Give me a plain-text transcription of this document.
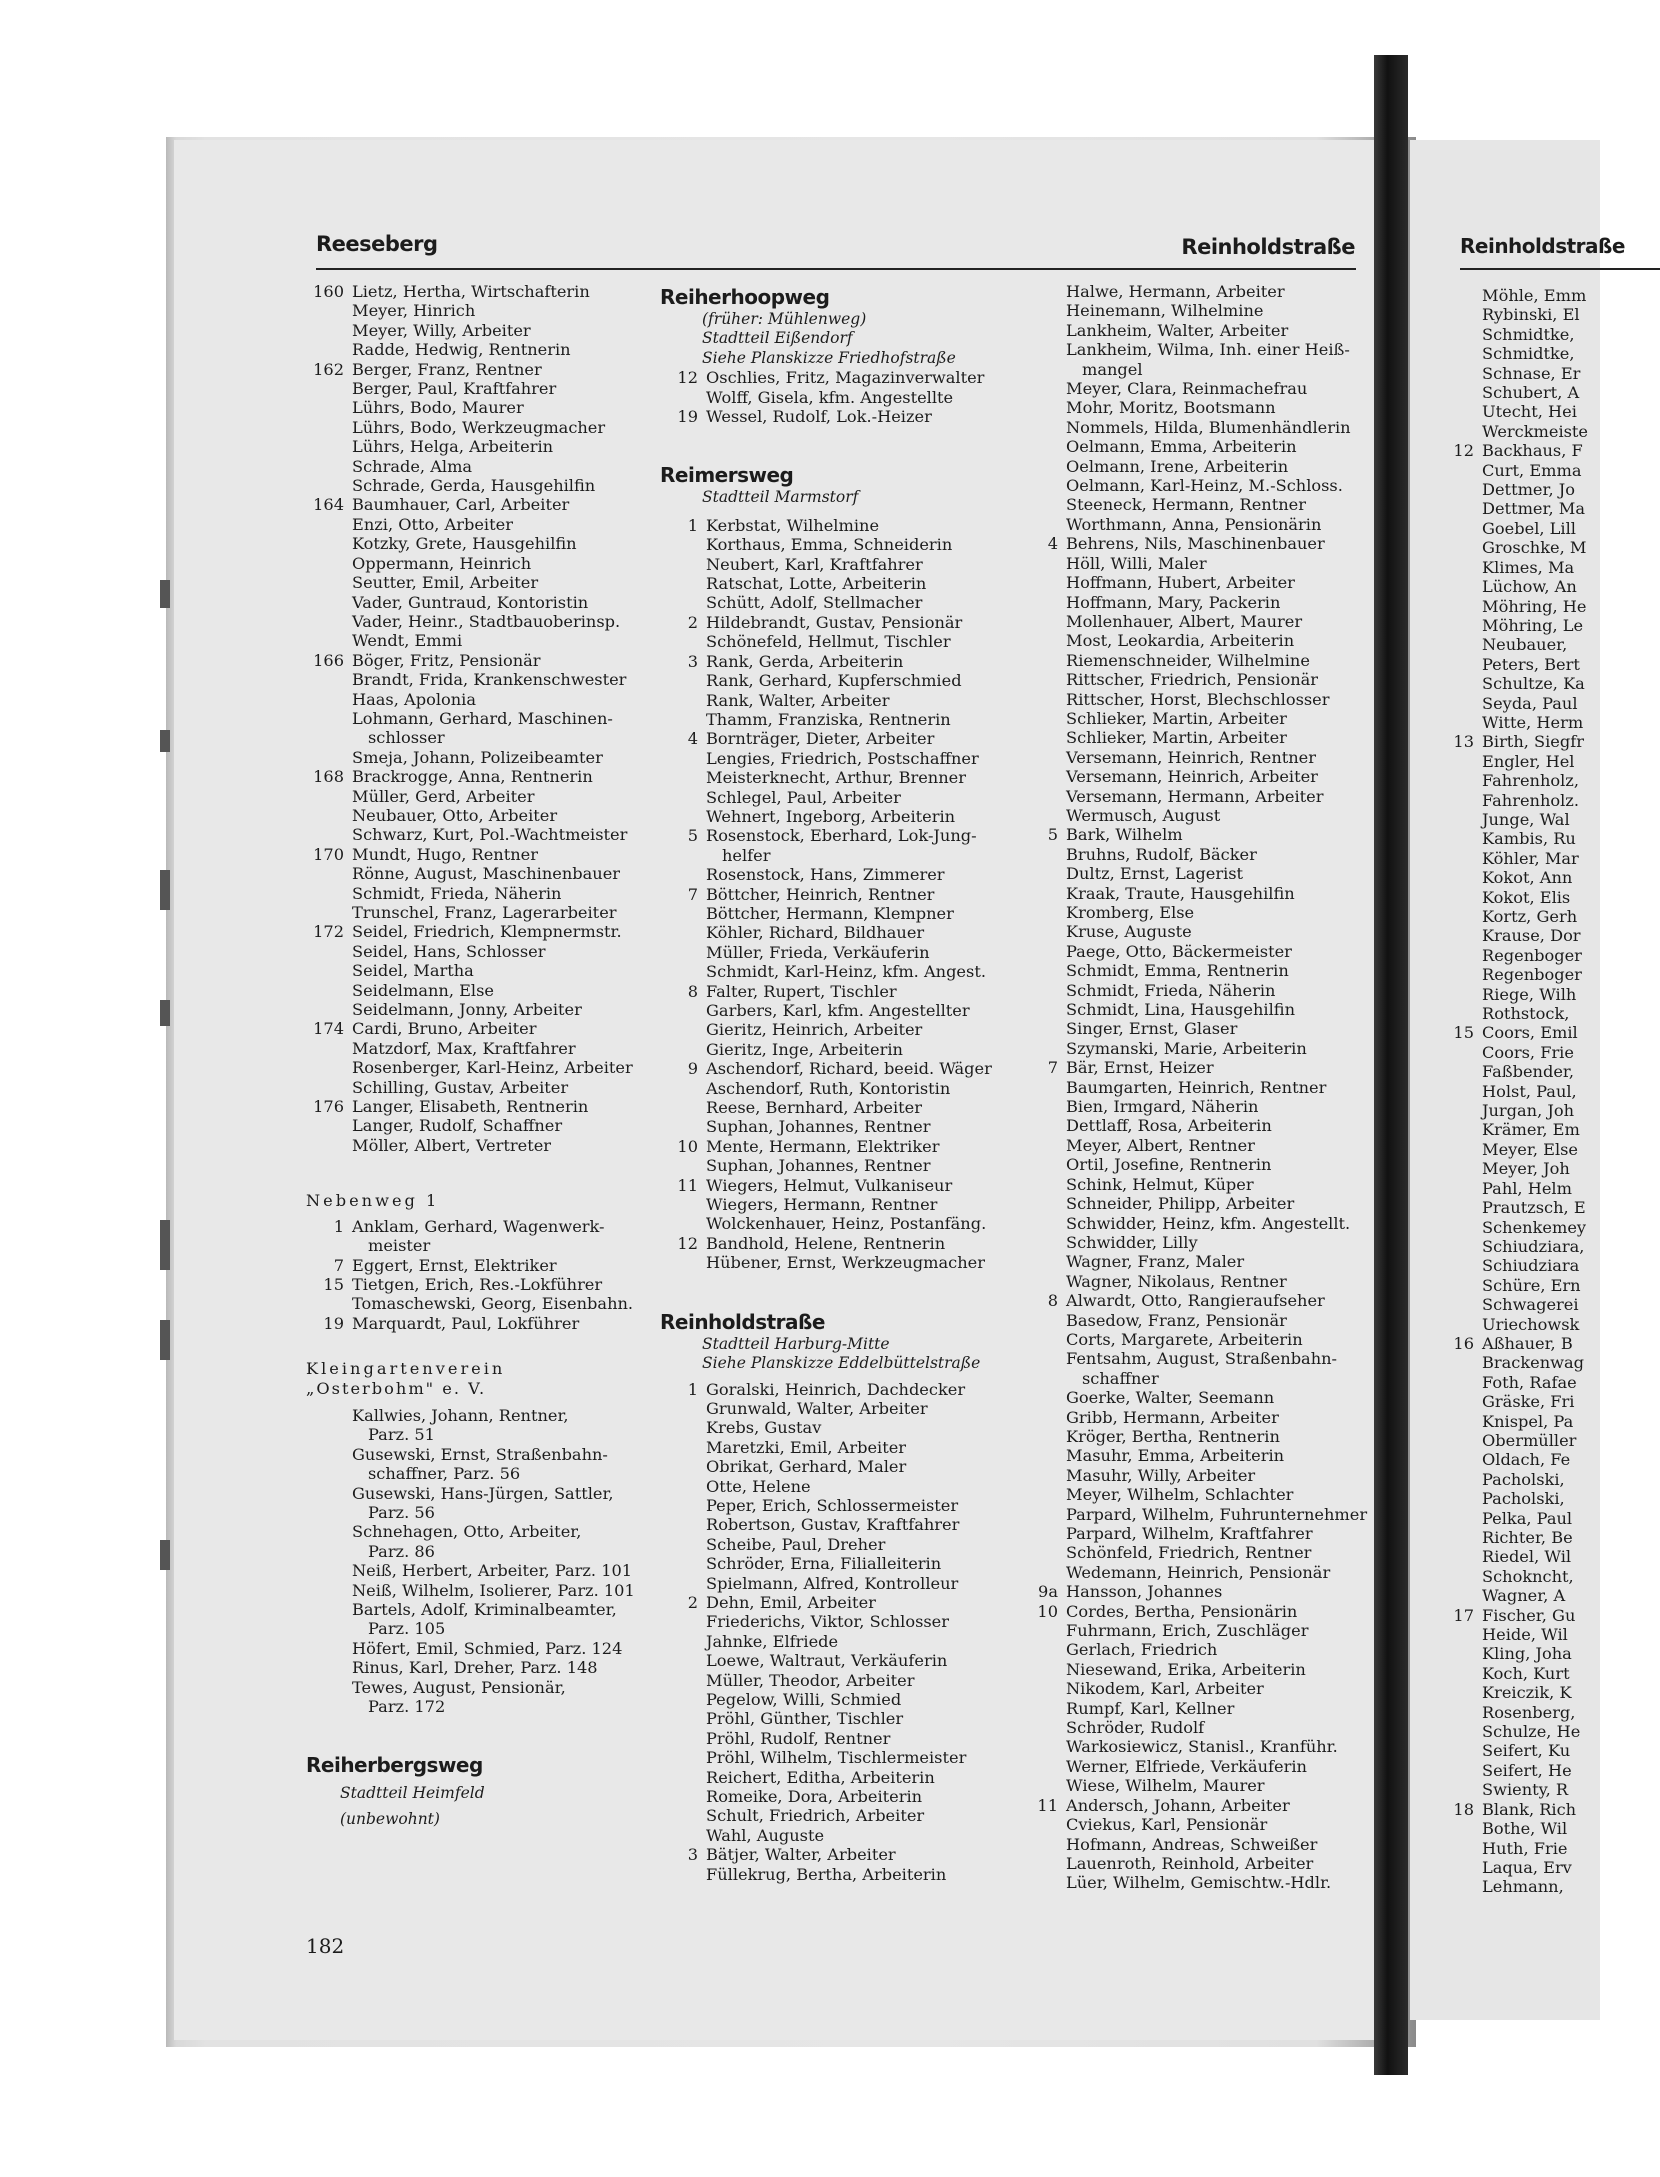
Reinholdstraße
Reeseberg	Reinholdstraße
160 Lietz, Hertha, Wirtschafterin
Meyer, Hinrich
Meyer, Willy, Arbeiter
Radde, Hedwig, Rentnerin
162 Berger, Franz, Rentner
Berger, Paul, Kraftfahrer
Lührs, Bodo, Maurer
Lührs, Bodo, Werkzeugmacher
Lührs, Helga, Arbeiterin
Schrade, Alma
Schrade, Gerda, Hausgehilfin
164 Baumhauer, Carl, Arbeiter
Enzi, Otto, Arbeiter
Kotzky, Grete, Hausgehilfin
Oppermann, Heinrich
Seutter, Emil, Arbeiter
Vader, Guntraud, Kontoristin
Vader, Heinr., Stadtbauoberinsp.
Wendt, Emmi
166 Böger, Fritz, Pensionär
Brandt, Frida, Krankenschwester
Haas, Apolonia
Lohmann, Gerhard, Maschinen-
schlosser
Smeja, Johann, Polizeibeamter
168 Brackrogge, Anna, Rentnerin
Müller, Gerd, Arbeiter
Neubauer, Otto, Arbeiter
Schwarz, Kurt, Pol.-Wachtmeister
170 Mundt, Hugo, Rentner
Rönne, August, Maschinenbauer
Schmidt, Frieda, Näherin
Trunschel, Franz, Lagerarbeiter
172 Seidel, Friedrich, Klempnermstr.
Seidel, Hans, Schlosser
Seidel, Martha
Seidelmann, Else
Seidelmann, Jonny, Arbeiter
174 Cardi, Bruno, Arbeiter
Matzdorf, Max, Kraftfahrer
Rosenberger, Karl-Heinz, Arbeiter
Schilling, Gustav, Arbeiter
176 Langer, Elisabeth, Rentnerin
Langer, Rudolf, Schaffner
Möller, Albert, Vertreter
Nebenweg 1
1 Anklam, Gerhard, Wagenwerk-
meister
7 Eggert, Ernst, Elektriker
15 Tietgen, Erich, Res.-Lokführer
Tomaschewski, Georg, Eisenbahn.
19 Marquardt, Paul, Lokführer
Kleingartenverein
„Osterbohm" e. V.
Kallwies, Johann, Rentner,
Parz. 51
Gusewski, Ernst, Straßenbahn-
schaffner, Parz. 56
Gusewski, Hans-Jürgen, Sattler,
Parz. 56
Schnehagen, Otto, Arbeiter,
Parz. 86
Neiß, Herbert, Arbeiter, Parz. 101
Neiß, Wilhelm, Isolierer, Parz. 101
Bartels, Adolf, Kriminalbeamter,
Parz. 105
Höfert, Emil, Schmied, Parz. 124
Rinus, Karl, Dreher, Parz. 148
Tewes, August, Pensionär,
Parz. 172
Reiherbergsweg
Stadtteil Heimfeld
(unbewohnt)
Reiherhoopweg
(früher: Mühlenweg)
Stadtteil Eißendorf
Siehe Planskizze Friedhofstraße
12 Oschlies, Fritz, Magazinverwalter
Wolff, Gisela, kfm. Angestellte
19 Wessel, Rudolf, Lok.-Heizer
Reimersweg
Stadtteil Marmstorf
1 Kerbstat, Wilhelmine
Korthaus, Emma, Schneiderin
Neubert, Karl, Kraftfahrer
Ratschat, Lotte, Arbeiterin
Schütt, Adolf, Stellmacher
2 Hildebrandt, Gustav, Pensionär
Schönefeld, Hellmut, Tischler
3 Rank, Gerda, Arbeiterin
Rank, Gerhard, Kupferschmied
Rank, Walter, Arbeiter
Thamm, Franziska, Rentnerin
4 Bornträger, Dieter, Arbeiter
Lengies, Friedrich, Postschaffner
Meisterknecht, Arthur, Brenner
Schlegel, Paul, Arbeiter
Wehnert, Ingeborg, Arbeiterin
5 Rosenstock, Eberhard, Lok-Jung-
helfer
Rosenstock, Hans, Zimmerer
7 Böttcher, Heinrich, Rentner
Böttcher, Hermann, Klempner
Köhler, Richard, Bildhauer
Müller, Frieda, Verkäuferin
Schmidt, Karl-Heinz, kfm. Angest.
8 Falter, Rupert, Tischler
Garbers, Karl, kfm. Angestellter
Gieritz, Heinrich, Arbeiter
Gieritz, Inge, Arbeiterin
9 Aschendorf, Richard, beeid. Wäger
Aschendorf, Ruth, Kontoristin
Reese, Bernhard, Arbeiter
Suphan, Johannes, Rentner
10 Mente, Hermann, Elektriker
Suphan, Johannes, Rentner
11 Wiegers, Helmut, Vulkaniseur
Wiegers, Hermann, Rentner
Wolckenhauer, Heinz, Postanfäng.
12 Bandhold, Helene, Rentnerin
Hübener, Ernst, Werkzeugmacher
Reinholdstraße
Stadtteil Harburg-Mitte
Siehe Planskizze Eddelbüttelstraße
1 Goralski, Heinrich, Dachdecker
Grunwald, Walter, Arbeiter
Krebs, Gustav
Maretzki, Emil, Arbeiter
Obrikat, Gerhard, Maler
Otte, Helene
Peper, Erich, Schlossermeister
Robertson, Gustav, Kraftfahrer
Scheibe, Paul, Dreher
Schröder, Erna, Filialleiterin
Spielmann, Alfred, Kontrolleur
2 Dehn, Emil, Arbeiter
Friederichs, Viktor, Schlosser
Jahnke, Elfriede
Loewe, Waltraut, Verkäuferin
Müller, Theodor, Arbeiter
Pegelow, Willi, Schmied
Pröhl, Günther, Tischler
Pröhl, Rudolf, Rentner
Pröhl, Wilhelm, Tischlermeister
Reichert, Editha, Arbeiterin
Romeike, Dora, Arbeiterin
Schult, Friedrich, Arbeiter
Wahl, Auguste
3 Bätjer, Walter, Arbeiter
Füllekrug, Bertha, Arbeiterin
Halwe, Hermann, Arbeiter
Heinemann, Wilhelmine
Lankheim, Walter, Arbeiter
Lankheim, Wilma, Inh. einer Heiß-
mangel
Meyer, Clara, Reinmachefrau
Mohr, Moritz, Bootsmann
Nommels, Hilda, Blumenhändlerin
Oelmann, Emma, Arbeiterin
Oelmann, Irene, Arbeiterin
Oelmann, Karl-Heinz, M.-Schloss.
Steeneck, Hermann, Rentner
Worthmann, Anna, Pensionärin
4 Behrens, Nils, Maschinenbauer
Höll, Willi, Maler
Hoffmann, Hubert, Arbeiter
Hoffmann, Mary, Packerin
Mollenhauer, Albert, Maurer
Most, Leokardia, Arbeiterin
Riemenschneider, Wilhelmine
Rittscher, Friedrich, Pensionär
Rittscher, Horst, Blechschlosser
Schlieker, Martin, Arbeiter
Schlieker, Martin, Arbeiter
Versemann, Heinrich, Rentner
Versemann, Heinrich, Arbeiter
Versemann, Hermann, Arbeiter
Wermusch, August
5 Bark, Wilhelm
Bruhns, Rudolf, Bäcker
Dultz, Ernst, Lagerist
Kraak, Traute, Hausgehilfin
Kromberg, Else
Kruse, Auguste
Paege, Otto, Bäckermeister
Schmidt, Emma, Rentnerin
Schmidt, Frieda, Näherin
Schmidt, Lina, Hausgehilfin
Singer, Ernst, Glaser
Szymanski, Marie, Arbeiterin
7 Bär, Ernst, Heizer
Baumgarten, Heinrich, Rentner
Bien, Irmgard, Näherin
Dettlaff, Rosa, Arbeiterin
Meyer, Albert, Rentner
Ortil, Josefine, Rentnerin
Schink, Helmut, Küper
Schneider, Philipp, Arbeiter
Schwidder, Heinz, kfm. Angestellt.
Schwidder, Lilly
Wagner, Franz, Maler
Wagner, Nikolaus, Rentner
8 Alwardt, Otto, Rangieraufseher
Basedow, Franz, Pensionär
Corts, Margarete, Arbeiterin
Fentsahm, August, Straßenbahn-
schaffner
Goerke, Walter, Seemann
Gribb, Hermann, Arbeiter
Kröger, Bertha, Rentnerin
Masuhr, Emma, Arbeiterin
Masuhr, Willy, Arbeiter
Meyer, Wilhelm, Schlachter
Parpard, Wilhelm, Fuhrunternehmer
Parpard, Wilhelm, Kraftfahrer
Schönfeld, Friedrich, Rentner
Wedemann, Heinrich, Pensionär
9a Hansson, Johannes
10 Cordes, Bertha, Pensionärin
Fuhrmann, Erich, Zuschläger
Gerlach, Friedrich
Niesewand, Erika, Arbeiterin
Nikodem, Karl, Arbeiter
Rumpf, Karl, Kellner
Schröder, Rudolf
Warkosiewicz, Stanisl., Kranführ.
Werner, Elfriede, Verkäuferin
Wiese, Wilhelm, Maurer
11 Andersch, Johann, Arbeiter
Cviekus, Karl, Pensionär
Hofmann, Andreas, Schweißer
Lauenroth, Reinhold, Arbeiter
Lüer, Wilhelm, Gemischtw.-Hdlr.
Möhle, Emm
Rybinski, El
Schmidtke,
Schmidtke,
Schnase, Er
Schubert, A
Utecht, Hei
Werckmeiste
12 Backhaus, F
Curt, Emma
Dettmer, Jo
Dettmer, Ma
Goebel, Lill
Groschke, M
Klimes, Ma
Lüchow, An
Möhring, He
Möhring, Le
Neubauer,
Peters, Bert
Schultze, Ka
Seyda, Paul
Witte, Herm
13 Birth, Siegfr
Engler, Hel
Fahrenholz,
Fahrenholz.
Junge, Wal
Kambis, Ru
Köhler, Mar
Kokot, Ann
Kokot, Elis
Kortz, Gerh
Krause, Dor
Regenboger
Regenboger
Riege, Wilh
Rothstock,
15 Coors, Emil
Coors, Frie
Faßbender,
Holst, Paul,
Jurgan, Joh
Krämer, Em
Meyer, Else
Meyer, Joh
Pahl, Helm
Prautzsch, E
Schenkemey
Schiudziara,
Schiudziara
Schüre, Ern
Schwagerei
Uriechowsk
16 Aßhauer, B
Brackenwag
Foth, Rafae
Gräske, Fri
Knispel, Pa
Obermüller
Oldach, Fe
Pacholski,
Pacholski,
Pelka, Paul
Richter, Be
Riedel, Wil
Schokncht,
Wagner, A
17 Fischer, Gu
Heide, Wil
Kling, Joha
Koch, Kurt
Kreiczik, K
Rosenberg,
Schulze, He
Seifert, Ku
Seifert, He
Swienty, R
18 Blank, Rich
Bothe, Wil
Huth, Frie
Laqua, Erv
Lehmann,
182
